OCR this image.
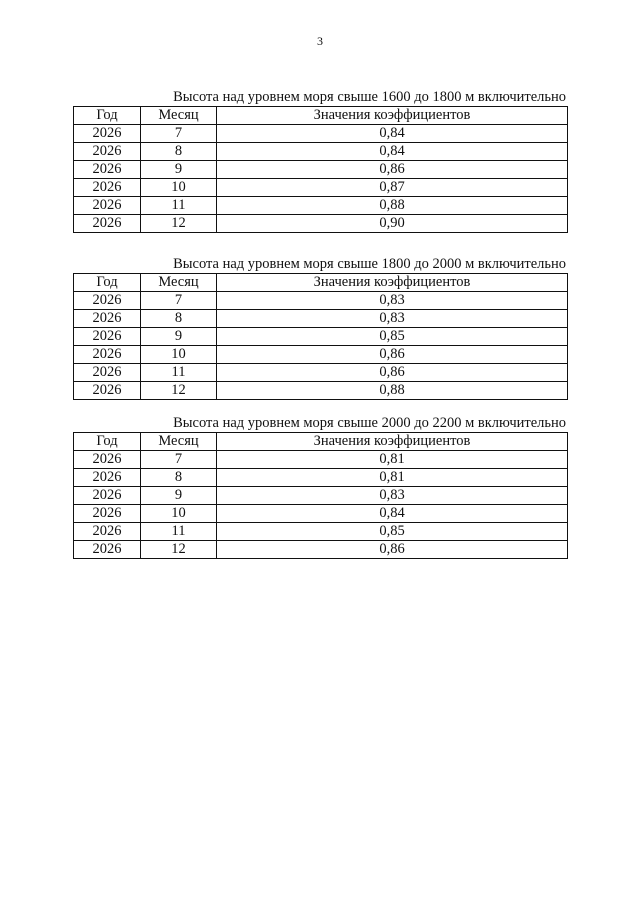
3
Высота над уровнем моря свыше 1600 до 1800 м включительно
Год	Месяц	Значения коэффициентов
2026	7	0,84
2026	8	0,84
2026	9	0,86
2026	10	0,87
2026	11	0,88
2026	12	0,90
Высота над уровнем моря свыше 1800 до 2000 м включительно
Год	Месяц	Значения коэффициентов
2026	7	0,83
2026	8	0,83
2026	9	0,85
2026	10	0,86
2026	11	0,86
2026	12	0,88
Высота над уровнем моря свыше 2000 до 2200 м включительно
Год	Месяц	Значения коэффициентов
2026	7	0,81
2026	8	0,81
2026	9	0,83
2026	10	0,84
2026	11	0,85
2026	12	0,86
